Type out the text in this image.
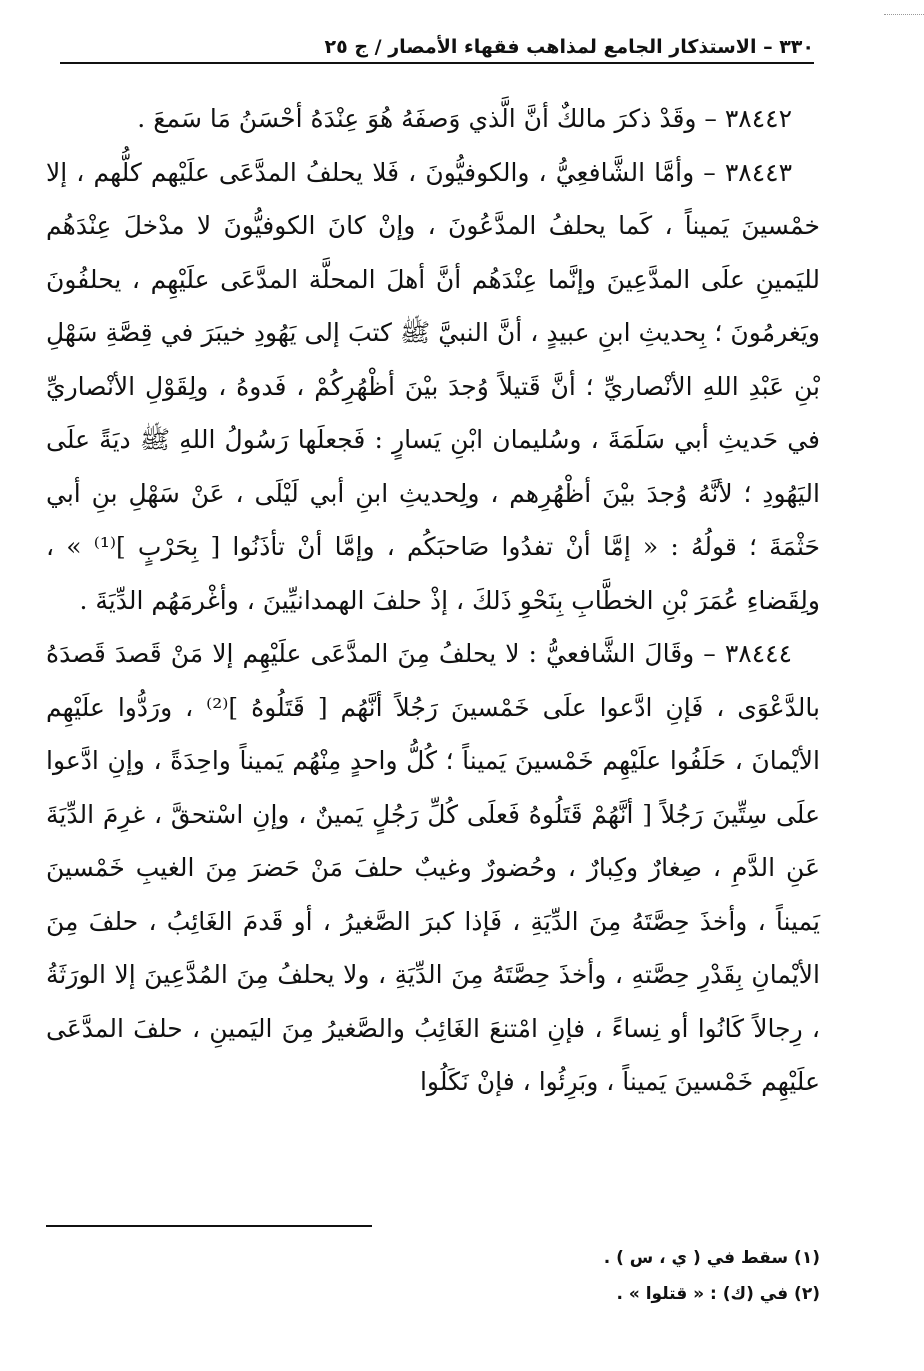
٣٣٠ – الاستذكار الجامع لمذاهب فقهاء الأمصار / ج ٢٥

٣٨٤٤٢ – وقَدْ ذكرَ مالكٌ أنَّ الَّذي وَصفَهُ هُوَ عِنْدَهُ أحْسَنُ مَا سَمعَ .

٣٨٤٤٣ – وأمَّا الشَّافعِيُّ ، والكوفيُّونَ ، فَلا يحلفُ المدَّعَى علَيْهم كلُّهم ، إلا خمْسينَ يَميناً ، كَما يحلفُ المدَّعُونَ ، وإنْ كانَ الكوفيُّونَ لا مدْخلَ عِنْدَهُم لليَمينِ علَى المدَّعِينَ وإنَّما عِنْدَهُم أنَّ أهلَ المحلَّة المدَّعَى علَيْهِم ، يحلفُونَ ويَغرمُونَ ؛ بِحديثِ ابنِ عبيدٍ ، أنَّ النبيَّ ﷺ كتبَ إلى يَهُودِ خيبَرَ في قِصَّةِ سَهْلِ بْنِ عَبْدِ اللهِ الأنْصاريِّ ؛ أنَّ قَتيلاً وُجدَ بيْنَ أظْهُرِكُمْ ، فَدوهُ ، ولِقَوْلِ الأنْصاريِّ في حَديثِ أبي سَلَمَةَ ، وسُليمان ابْنِ يَسارٍ : فَجعلَها رَسُولُ اللهِ ﷺ ديَةً علَى اليَهُودِ ؛ لأنَّهُ وُجدَ بيْنَ أظْهُرِهم ، ولِحديثِ ابنِ أبي لَيْلَى ، عَنْ سَهْلِ بنِ أبي حَثْمَةَ ؛ قولُهُ : « إمَّا أنْ تفدُوا صَاحبَكُم ، وإمَّا أنْ تأذَنُوا [ بِحَرْبٍ ]⁽¹⁾ » ، ولِقَضاءِ عُمَرَ بْنِ الخطَّابِ بِنَحْوِ ذَلكَ ، إذْ حلفَ الهمدانيِّينَ ، وأغْرمَهُم الدِّيَةَ .

٣٨٤٤٤ – وقَالَ الشَّافعيُّ : لا يحلفُ مِنَ المدَّعَى علَيْهِم إلا مَنْ قَصدَ قَصدَهُ بالدَّعْوَى ، فَإنِ ادَّعوا علَى خَمْسينَ رَجُلاً أنَّهُم [ قَتَلُوهُ ]⁽²⁾ ، ورَدُّوا علَيْهِم الأيْمانَ ، حَلَفُوا علَيْهِم خَمْسينَ يَميناً ؛ كُلُّ واحدٍ مِنْهُم يَميناً واحِدَةً ، وإنِ ادَّعوا علَى سِتِّينَ رَجُلاً [ أنَّهُمْ قَتَلُوهُ فَعلَى كُلِّ رَجُلٍ يَمينٌ ، وإنِ اسْتحقَّ ، غرِمَ الدِّيَةَ عَنِ الدَّمِ ، صِغارٌ وكِبارٌ ، وحُضورٌ وغيبٌ حلفَ مَنْ حَضرَ مِنَ الغيبِ خَمْسينَ يَميناً ، وأخذَ حِصَّتَهُ مِنَ الدِّيَةِ ، فَإذا كبرَ الصَّغيرُ ، أو قَدمَ الغَائِبُ ، حلفَ مِنَ الأيْمانِ بِقَدْرِ حِصَّتهِ ، وأخذَ حِصَّتَهُ مِنَ الدِّيَةِ ، ولا يحلفُ مِنَ المُدَّعِينَ إلا الورَثَةُ ، رِجالاً كَانُوا أو نِساءً ، فإنِ امْتنعَ الغَائِبُ والصَّغيرُ مِنَ اليَمينِ ، حلفَ المدَّعَى علَيْهِم خَمْسينَ يَميناً ، وبَرِئُوا ، فإنْ نَكَلُوا

(١) سقط في ( ي ، س ) .

(٢) في (ك) : « قتلوا » .
